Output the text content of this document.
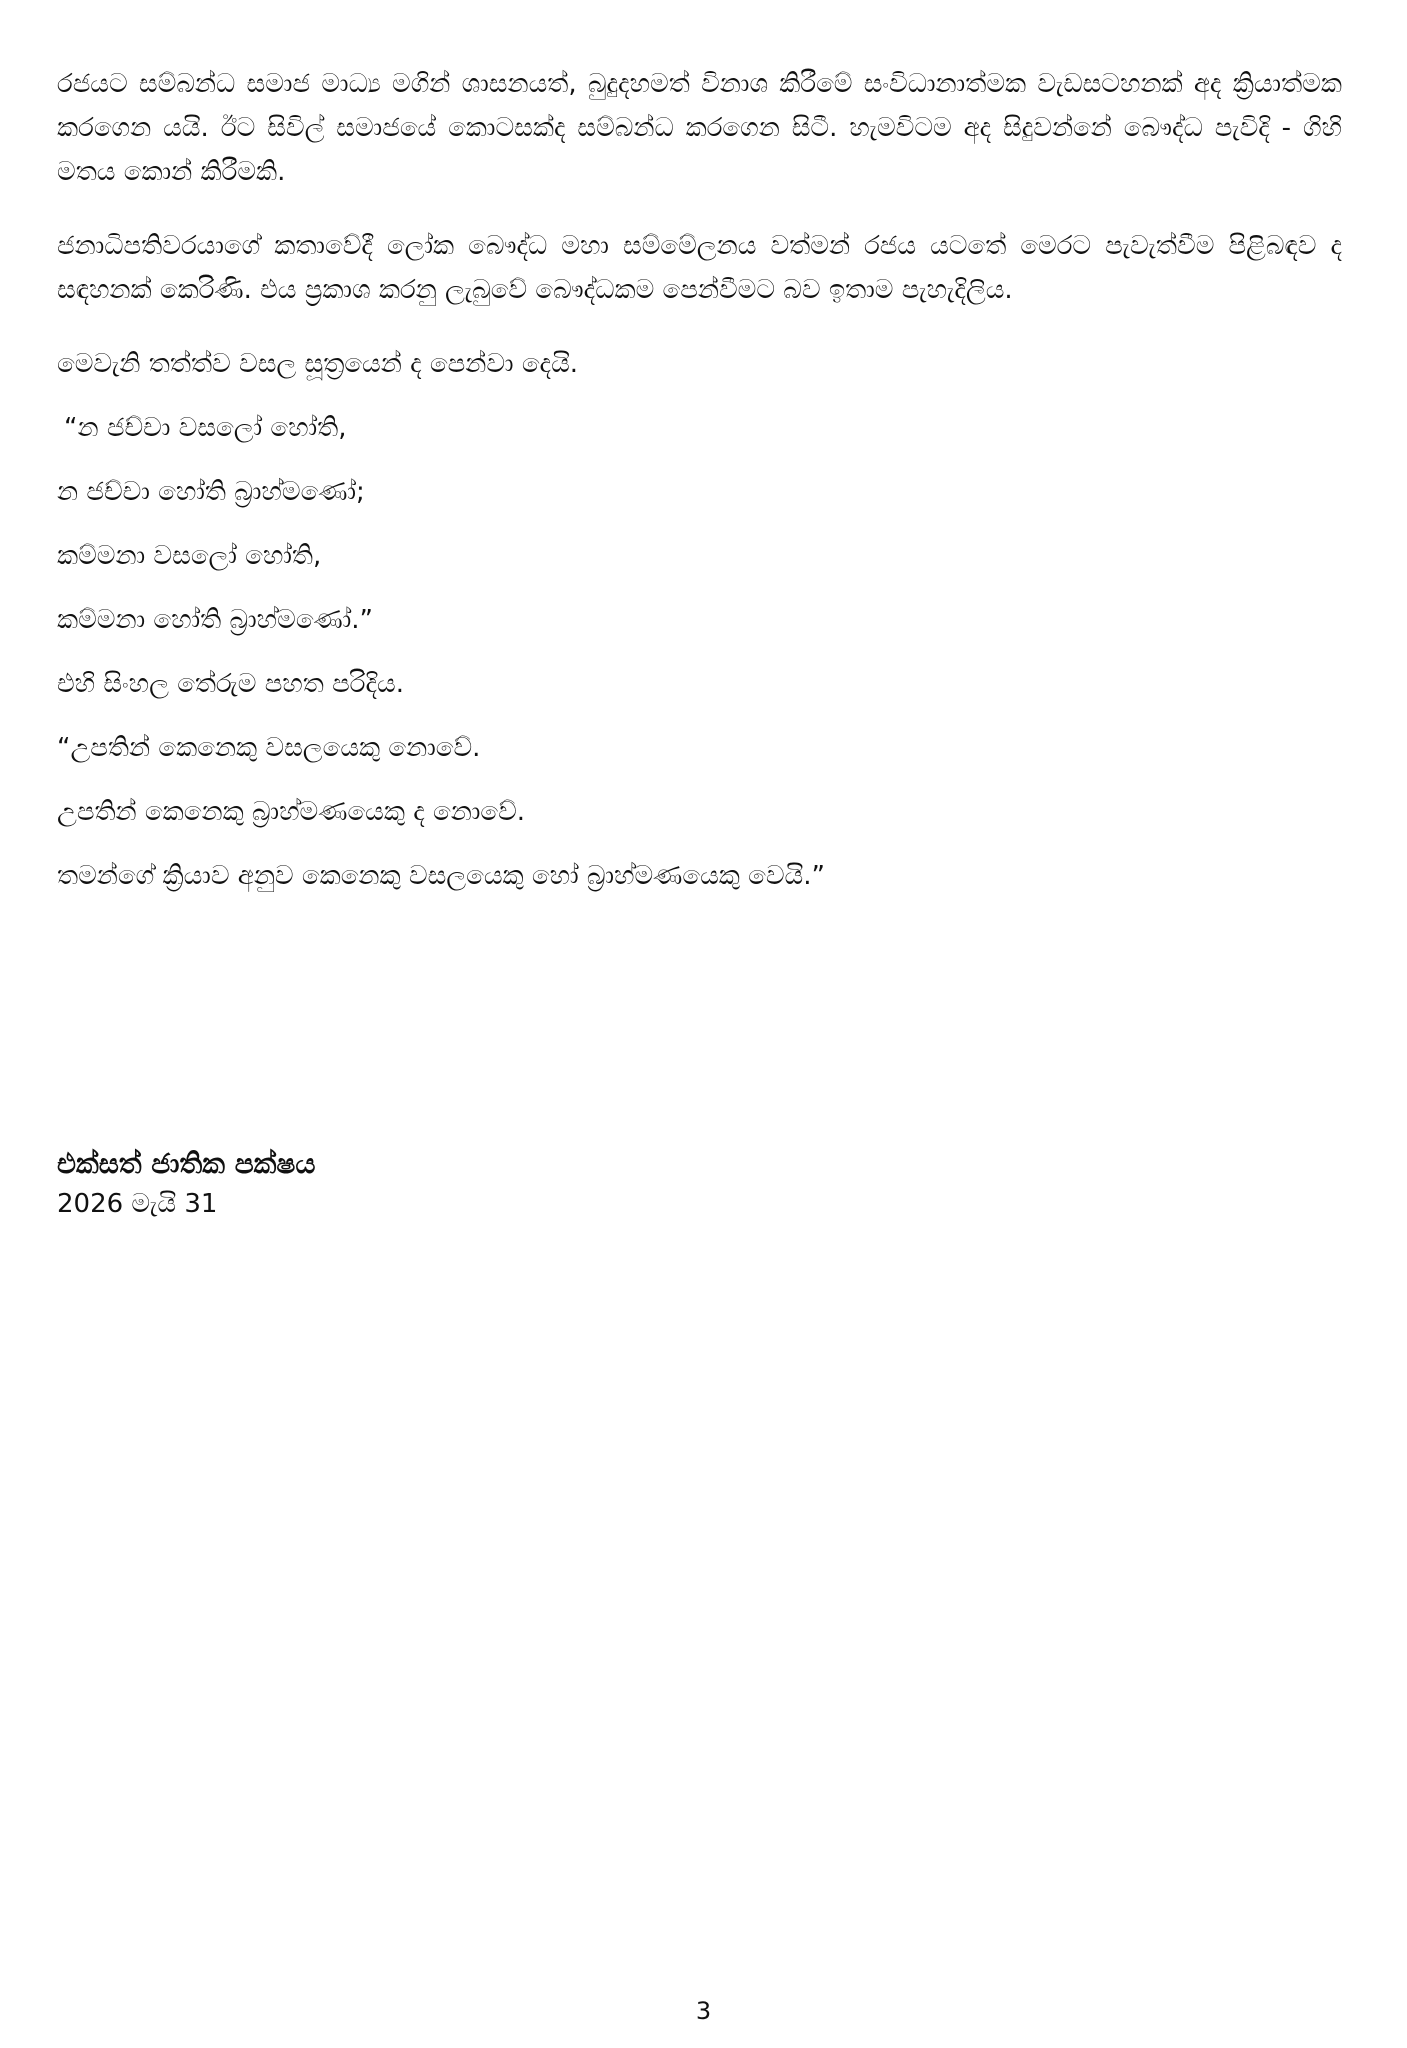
රජයට සම්බන්ධ සමාජ මාධ්‍ය මගින් ශාසනයත්, බුදුදහමත් විනාශ කිරීමේ සංවිධානාත්මක වැඩසටහනක් අද ක්‍රියාත්මක කරගෙන යයි. ඊට සිවිල් සමාජයේ කොටසක්ද සම්බන්ධ කරගෙන සිටී. හැමවිටම අද සිදුවන්නේ බෞද්ධ පැවිදි - ගිහි මතය කොන් කිරීමකි.

ජනාධිපතිවරයාගේ කතාවේදී ලෝක බෞද්ධ මහා සම්මේලනය වත්මන් රජය යටතේ මෙරට පැවැත්වීම පිළිබඳව ද සඳහනක් කෙරිණි. එය ප්‍රකාශ කරනු ලැබුවේ බෞද්ධකම පෙන්වීමට බව ඉතාම පැහැදිලිය.

මෙවැනි තත්ත්ව වසල සූත්‍රයෙන් ද පෙන්වා දෙයි.

“න ජච්චා වසලෝ හෝති,

න ජච්චා හෝති බ්‍රාහ්මණෝ;

කම්මනා වසලෝ හෝති,

කම්මනා හෝති බ්‍රාහ්මණෝ.”

එහි සිංහල තේරුම පහත පරිදිය.

“උපතින් කෙනෙකු වසලයෙකු නොවේ.

උපතින් කෙනෙකු බ්‍රාහ්මණයෙකු ද නොවේ.

තමන්ගේ ක්‍රියාව අනුව කෙනෙකු වසලයෙකු හෝ බ්‍රාහ්මණයෙකු වෙයි.”

එක්සත් ජාතික පක්ෂය

2026 මැයි 31

3
